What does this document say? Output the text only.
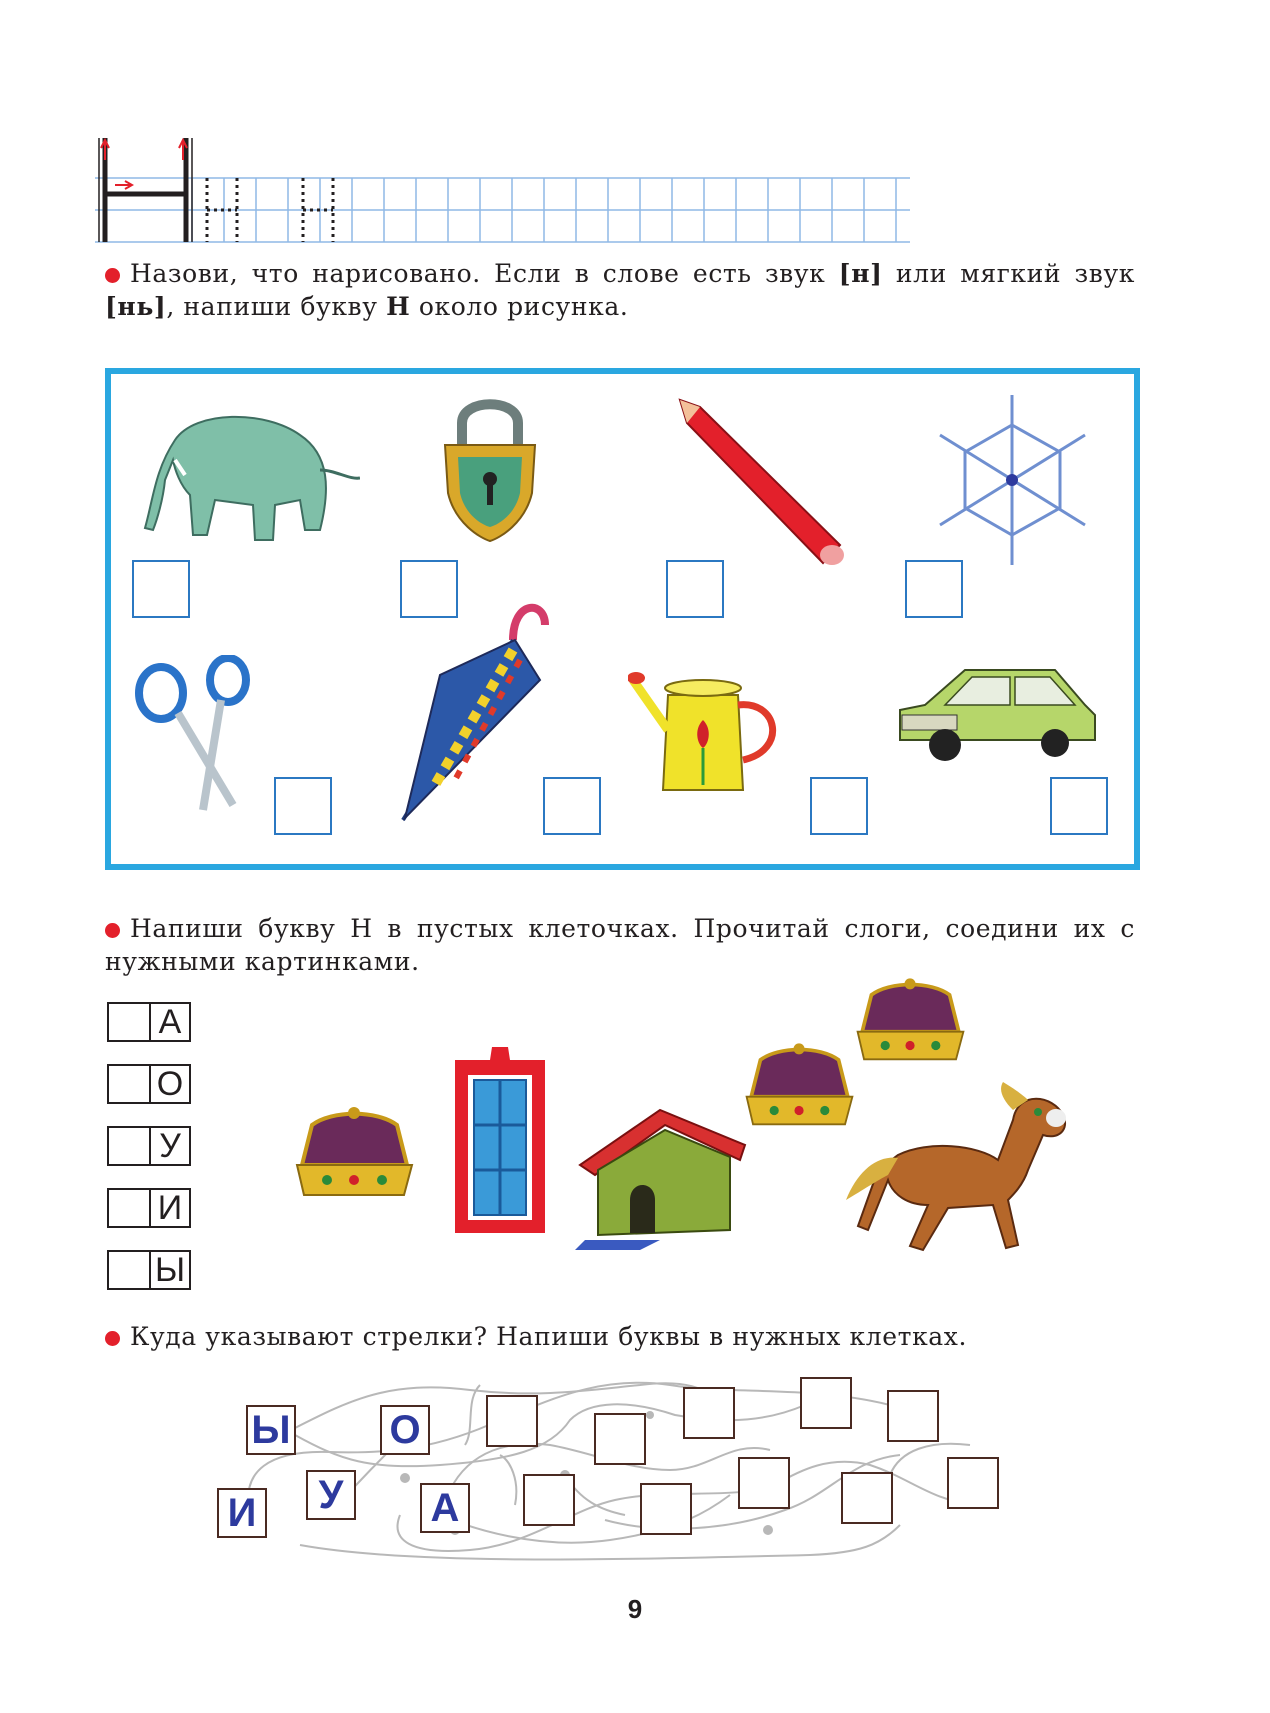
Назови, что нарисовано. Если в слове есть звук [н] или мягкий звук [нь], напиши букву Н около рисунка.
Напиши букву Н в пустых клеточках. Прочитай слоги, соедини их с нужными картинками.
А
О
У
И
Ы
Куда указывают стрелки? Напиши буквы в нужных клетках.
Ы О
И	У	А
9
